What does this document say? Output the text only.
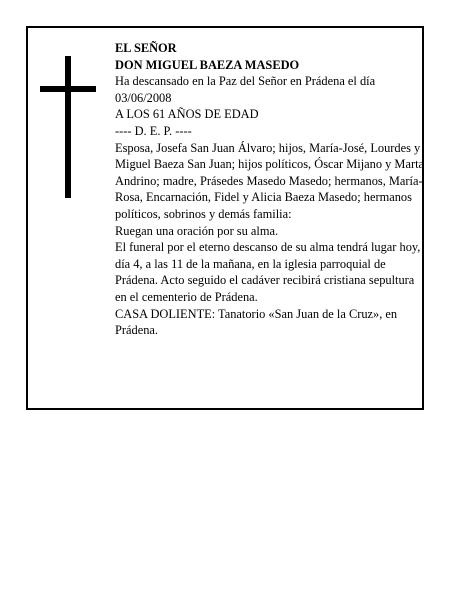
EL SEÑOR
DON MIGUEL BAEZA MASEDO
Ha descansado en la Paz del Señor en Prádena el día 03/06/2008
A LOS 61 AÑOS DE EDAD
---- D. E. P. ----
Esposa, Josefa San Juan Álvaro; hijos, María-José, Lourdes y Miguel Baeza San Juan; hijos políticos, Óscar Mijano y Marta Andrino; madre, Prásedes Masedo Masedo; hermanos, María-Rosa, Encarnación, Fidel y Alicia Baeza Masedo; hermanos políticos, sobrinos y demás familia:
Ruegan una oración por su alma.
El funeral por el eterno descanso de su alma tendrá lugar hoy, día 4, a las 11 de la mañana, en la iglesia parroquial de Prádena. Acto seguido el cadáver recibirá cristiana sepultura en el cementerio de Prádena.
CASA DOLIENTE: Tanatorio «San Juan de la Cruz», en Prádena.
